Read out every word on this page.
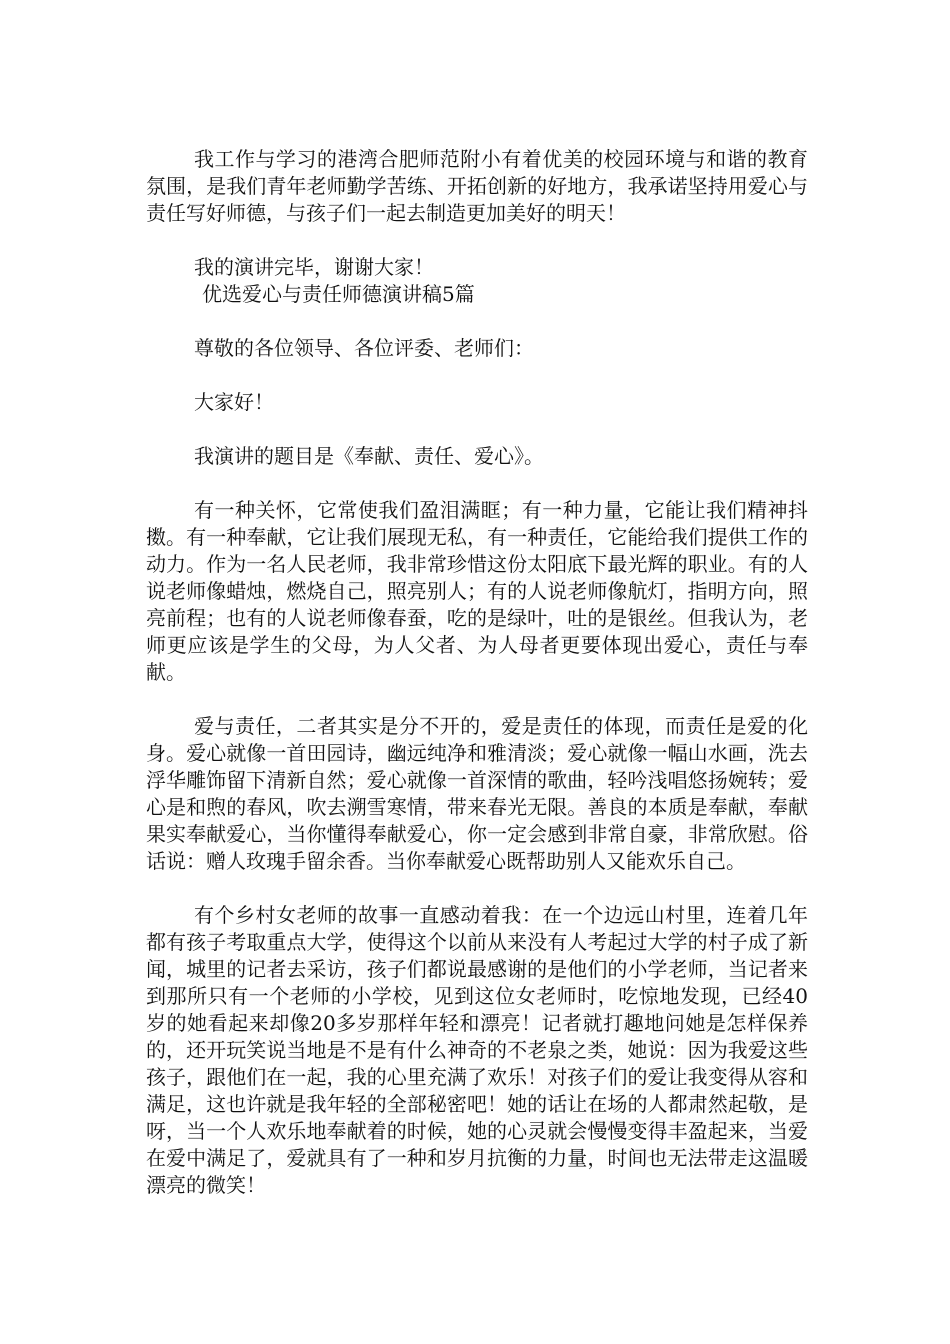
我工作与学习的港湾合肥师范附小有着优美的校园环境与和谐的教育氛围，是我们青年老师勤学苦练、开拓创新的好地方，我承诺坚持用爱心与责任写好师德，与孩子们一起去制造更加美好的明天！

我的演讲完毕，谢谢大家！

优选爱心与责任师德演讲稿5篇

尊敬的各位领导、各位评委、老师们：

大家好！

我演讲的题目是《奉献、责任、爱心》。

有一种关怀，它常使我们盈泪满眶；有一种力量，它能让我们精神抖擞。有一种奉献，它让我们展现无私，有一种责任，它能给我们提供工作的动力。作为一名人民老师，我非常珍惜这份太阳底下最光辉的职业。有的人说老师像蜡烛，燃烧自己，照亮别人；有的人说老师像航灯，指明方向，照亮前程；也有的人说老师像春蚕，吃的是绿叶，吐的是银丝。但我认为，老师更应该是学生的父母，为人父者、为人母者更要体现出爱心，责任与奉献。

爱与责任，二者其实是分不开的，爱是责任的体现，而责任是爱的化身。爱心就像一首田园诗，幽远纯净和雅清淡；爱心就像一幅山水画，洗去浮华雕饰留下清新自然；爱心就像一首深情的歌曲，轻吟浅唱悠扬婉转；爱心是和煦的春风，吹去溯雪寒情，带来春光无限。善良的本质是奉献，奉献果实奉献爱心，当你懂得奉献爱心，你一定会感到非常自豪，非常欣慰。俗话说：赠人玫瑰手留余香。当你奉献爱心既帮助别人又能欢乐自己。

有个乡村女老师的故事一直感动着我：在一个边远山村里，连着几年都有孩子考取重点大学，使得这个以前从来没有人考起过大学的村子成了新闻，城里的记者去采访，孩子们都说最感谢的是他们的小学老师，当记者来到那所只有一个老师的小学校，见到这位女老师时，吃惊地发现，已经40岁的她看起来却像20多岁那样年轻和漂亮！记者就打趣地问她是怎样保养的，还开玩笑说当地是不是有什么神奇的不老泉之类，她说：因为我爱这些孩子，跟他们在一起，我的心里充满了欢乐！对孩子们的爱让我变得从容和满足，这也许就是我年轻的全部秘密吧！她的话让在场的人都肃然起敬，是呀，当一个人欢乐地奉献着的时候，她的心灵就会慢慢变得丰盈起来，当爱在爱中满足了，爱就具有了一种和岁月抗衡的力量，时间也无法带走这温暖漂亮的微笑！
